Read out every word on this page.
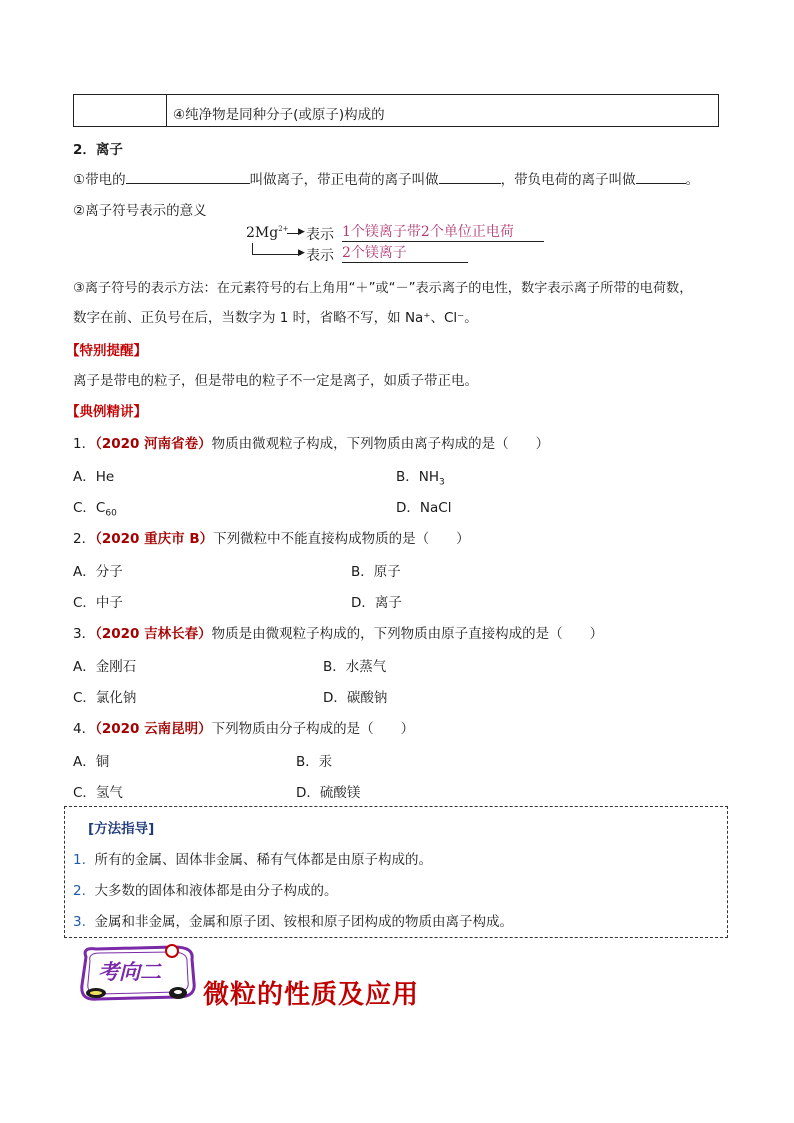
④纯净物是同种分子(或原子)构成的
2．离子
①带电的	叫做离子，带正电荷的离子叫做	，带负电荷的离子叫做	。
②离子符号表示的意义
$2Mg^{2+}$ ▶ 表示 1个镁离子带2个单位正电荷
▶ 表示 2个镁离子
③离子符号的表示方法：在元素符号的右上角用“＋”或“－”表示离子的电性，数字表示离子所带的电荷数，
数字在前、正负号在后，当数字为 1 时，省略不写，如 Na⁺、Cl⁻。
【特别提醒】
离子是带电的粒子，但是带电的粒子不一定是离子，如质子带正电。
【典例精讲】
1．（2020 河南省卷）物质由微观粒子构成，下列物质由离子构成的是（　　）
A．He	B．$NH_3$
C．$C_{60}$	D．NaCl
2．（2020 重庆市 B）下列微粒中不能直接构成物质的是（　　）
A．分子	B．原子
C．中子	D．离子
3．（2020 吉林长春）物质是由微观粒子构成的，下列物质由原子直接构成的是（　　）
A．金刚石	B．水蒸气
C．氯化钠	D．碳酸钠
4．（2020 云南昆明）下列物质由分子构成的是（　　）
A．铜	B．汞
C．氢气	D．硫酸镁
[方法指导]
1. 所有的金属、固体非金属、稀有气体都是由原子构成的。
2. 大多数的固体和液体都是由分子构成的。
3. 金属和非金属，金属和原子团、铵根和原子团构成的物质由离子构成。
考向二
微粒的性质及应用
